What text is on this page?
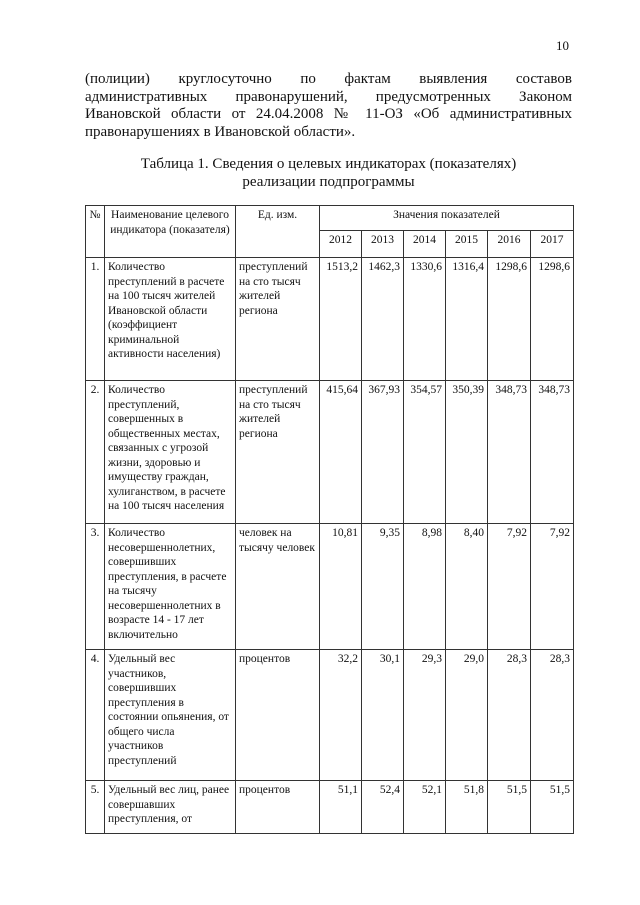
10
(полиции) круглосуточно по фактам выявления составов
административных правонарушений, предусмотренных Законом
Ивановской области от 24.04.2008 № 11-ОЗ «Об административных
правонарушениях в Ивановской области».
Таблица 1. Сведения о целевых индикаторах (показателях)
реализации подпрограммы
№	Наименование целевого индикатора (показателя)	Ед. изм.	Значения показателей					
			2012	2013	2014	2015	2016	2017
1.	Количество преступлений в расчете на 100 тысяч жителей Ивановской области (коэффициент криминальной активности населения)	преступлений на сто тысяч жителей региона	1513,2	1462,3	1330,6	1316,4	1298,6	1298,6
2.	Количество преступлений, совершенных в общественных местах, связанных с угрозой жизни, здоровью и имуществу граждан, хулиганством, в расчете на 100 тысяч населения	преступлений на сто тысяч жителей региона	415,64	367,93	354,57	350,39	348,73	348,73
3.	Количество несовершеннолетних, совершивших преступления, в расчете на тысячу несовершеннолетних в возрасте 14 - 17 лет включительно	человек на тысячу человек	10,81	9,35	8,98	8,40	7,92	7,92
4.	Удельный вес участников, совершивших преступления в состоянии опьянения, от общего числа участников преступлений	процентов	32,2	30,1	29,3	29,0	28,3	28,3
5.	Удельный вес лиц, ранее совершавших преступления, от	процентов	51,1	52,4	52,1	51,8	51,5	51,5
